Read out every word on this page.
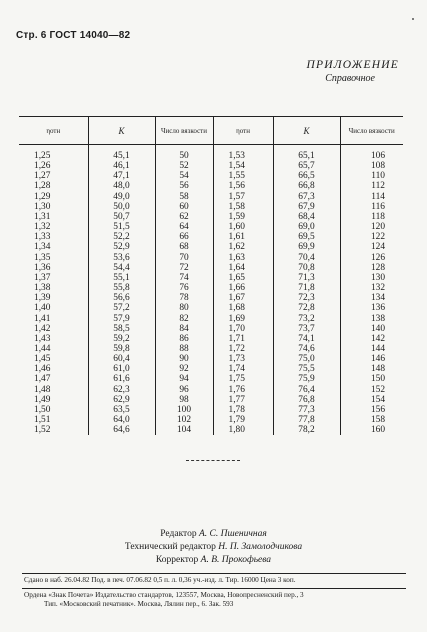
Стр. 6 ГОСТ 14040—82
ПРИЛОЖЕНИЕ
Справочное
ηотн	K	Число вязкости	ηотн	K	Число вязкости

1,25	45,1	50	1,53	65,1	106
1,26	46,1	52	1,54	65,7	108
1,27	47,1	54	1,55	66,5	110
1,28	48,0	56	1,56	66,8	112
1,29	49,0	58	1,57	67,3	114
1,30	50,0	60	1,58	67,9	116
1,31	50,7	62	1,59	68,4	118
1,32	51,5	64	1,60	69,0	120
1,33	52,2	66	1,61	69,5	122
1,34	52,9	68	1,62	69,9	124
1,35	53,6	70	1,63	70,4	126
1,36	54,4	72	1,64	70,8	128
1,37	55,1	74	1,65	71,3	130
1,38	55,8	76	1,66	71,8	132
1,39	56,6	78	1,67	72,3	134
1,40	57,2	80	1,68	72,8	136
1,41	57,9	82	1,69	73,2	138
1,42	58,5	84	1,70	73,7	140
1,43	59,2	86	1,71	74,1	142
1,44	59,8	88	1,72	74,6	144
1,45	60,4	90	1,73	75,0	146
1,46	61,0	92	1,74	75,5	148
1,47	61,6	94	1,75	75,9	150
1,48	62,3	96	1,76	76,4	152
1,49	62,9	98	1,77	76,8	154
1,50	63,5	100	1,78	77,3	156
1,51	64,0	102	1,79	77,8	158
1,52	64,6	104	1,80	78,2	160
Редактор А. С. Пшеничная
Технический редактор Н. П. Замолодчикова
Корректор А. В. Прокофьева
Сдано в наб. 26.04.82 Под. в печ. 07.06.82 0,5 п. л. 0,36 уч.-изд. л. Тир. 16000 Цена 3 коп.
Ордена «Знак Почета» Издательство стандартов, 123557, Москва, Новопресненский пер., 3
Тип. «Московский печатник». Москва, Лялин пер., 6. Зак. 593
